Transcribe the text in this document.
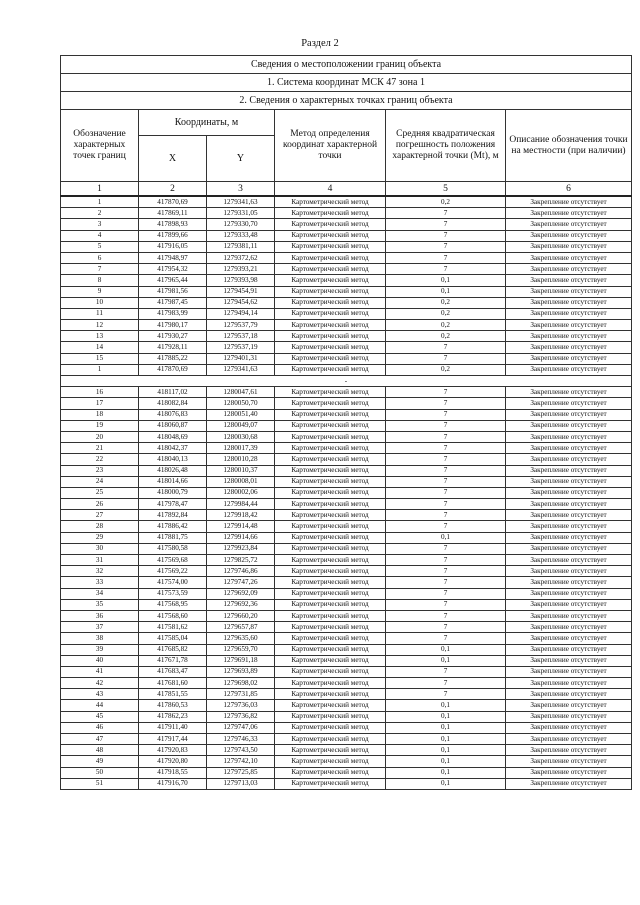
Раздел 2
Сведения о местоположении границ объекта					
1. Система координат МСК 47 зона 1					
2. Сведения о характерных точках границ объекта					
Обозначение характерных точек границ	Координаты, м		Метод определения координат характерной точки	Средняя квадратическая погрешность положения характерной точки (Mt), м	Описание обозначения точки на местности (при наличии)
	X	Y			
1	2	3	4	5	6
1	417870,69	1279341,63	Картометрический метод	0,2	Закрепление отсутствует
2	417869,11	1279331,05	Картометрический метод	7	Закрепление отсутствует
3	417898,93	1279330,70	Картометрический метод	7	Закрепление отсутствует
4	417899,66	1279333,48	Картометрический метод	7	Закрепление отсутствует
5	417916,05	1279381,11	Картометрический метод	7	Закрепление отсутствует
6	417948,97	1279372,62	Картометрический метод	7	Закрепление отсутствует
7	417954,32	1279393,21	Картометрический метод	7	Закрепление отсутствует
8	417965,44	1279393,98	Картометрический метод	0,1	Закрепление отсутствует
9	417981,56	1279454,91	Картометрический метод	0,1	Закрепление отсутствует
10	417987,45	1279454,62	Картометрический метод	0,2	Закрепление отсутствует
11	417983,99	1279494,14	Картометрический метод	0,2	Закрепление отсутствует
12	417980,17	1279537,79	Картометрический метод	0,2	Закрепление отсутствует
13	417930,27	1279537,18	Картометрический метод	0,2	Закрепление отсутствует
14	417928,11	1279537,19	Картометрический метод	7	Закрепление отсутствует
15	417885,22	1279401,31	Картометрический метод	7	Закрепление отсутствует
1	417870,69	1279341,63	Картометрический метод	0,2	Закрепление отсутствует
-					
16	418117,02	1280047,61	Картометрический метод	7	Закрепление отсутствует
17	418082,84	1280050,70	Картометрический метод	7	Закрепление отсутствует
18	418076,83	1280051,40	Картометрический метод	7	Закрепление отсутствует
19	418060,87	1280049,07	Картометрический метод	7	Закрепление отсутствует
20	418048,69	1280030,68	Картометрический метод	7	Закрепление отсутствует
21	418042,37	1280017,39	Картометрический метод	7	Закрепление отсутствует
22	418040,13	1280010,28	Картометрический метод	7	Закрепление отсутствует
23	418026,48	1280010,37	Картометрический метод	7	Закрепление отсутствует
24	418014,66	1280008,01	Картометрический метод	7	Закрепление отсутствует
25	418000,79	1280002,06	Картометрический метод	7	Закрепление отсутствует
26	417978,47	1279984,44	Картометрический метод	7	Закрепление отсутствует
27	417892,84	1279918,42	Картометрический метод	7	Закрепление отсутствует
28	417886,42	1279914,48	Картометрический метод	7	Закрепление отсутствует
29	417881,75	1279914,66	Картометрический метод	0,1	Закрепление отсутствует
30	417580,58	1279923,84	Картометрический метод	7	Закрепление отсутствует
31	417569,68	1279825,72	Картометрический метод	7	Закрепление отсутствует
32	417569,22	1279746,86	Картометрический метод	7	Закрепление отсутствует
33	417574,00	1279747,26	Картометрический метод	7	Закрепление отсутствует
34	417573,59	1279692,09	Картометрический метод	7	Закрепление отсутствует
35	417568,95	1279692,36	Картометрический метод	7	Закрепление отсутствует
36	417568,60	1279660,20	Картометрический метод	7	Закрепление отсутствует
37	417581,62	1279657,87	Картометрический метод	7	Закрепление отсутствует
38	417585,04	1279635,60	Картометрический метод	7	Закрепление отсутствует
39	417685,82	1279659,70	Картометрический метод	0,1	Закрепление отсутствует
40	417671,78	1279691,18	Картометрический метод	0,1	Закрепление отсутствует
41	417683,47	1279693,89	Картометрический метод	7	Закрепление отсутствует
42	417681,60	1279698,02	Картометрический метод	7	Закрепление отсутствует
43	417851,55	1279731,85	Картометрический метод	7	Закрепление отсутствует
44	417860,53	1279736,03	Картометрический метод	0,1	Закрепление отсутствует
45	417862,23	1279736,82	Картометрический метод	0,1	Закрепление отсутствует
46	417911,40	1279747,06	Картометрический метод	0,1	Закрепление отсутствует
47	417917,44	1279746,33	Картометрический метод	0,1	Закрепление отсутствует
48	417920,83	1279743,50	Картометрический метод	0,1	Закрепление отсутствует
49	417920,80	1279742,10	Картометрический метод	0,1	Закрепление отсутствует
50	417918,55	1279725,85	Картометрический метод	0,1	Закрепление отсутствует
51	417916,70	1279713,03	Картометрический метод	0,1	Закрепление отсутствует
